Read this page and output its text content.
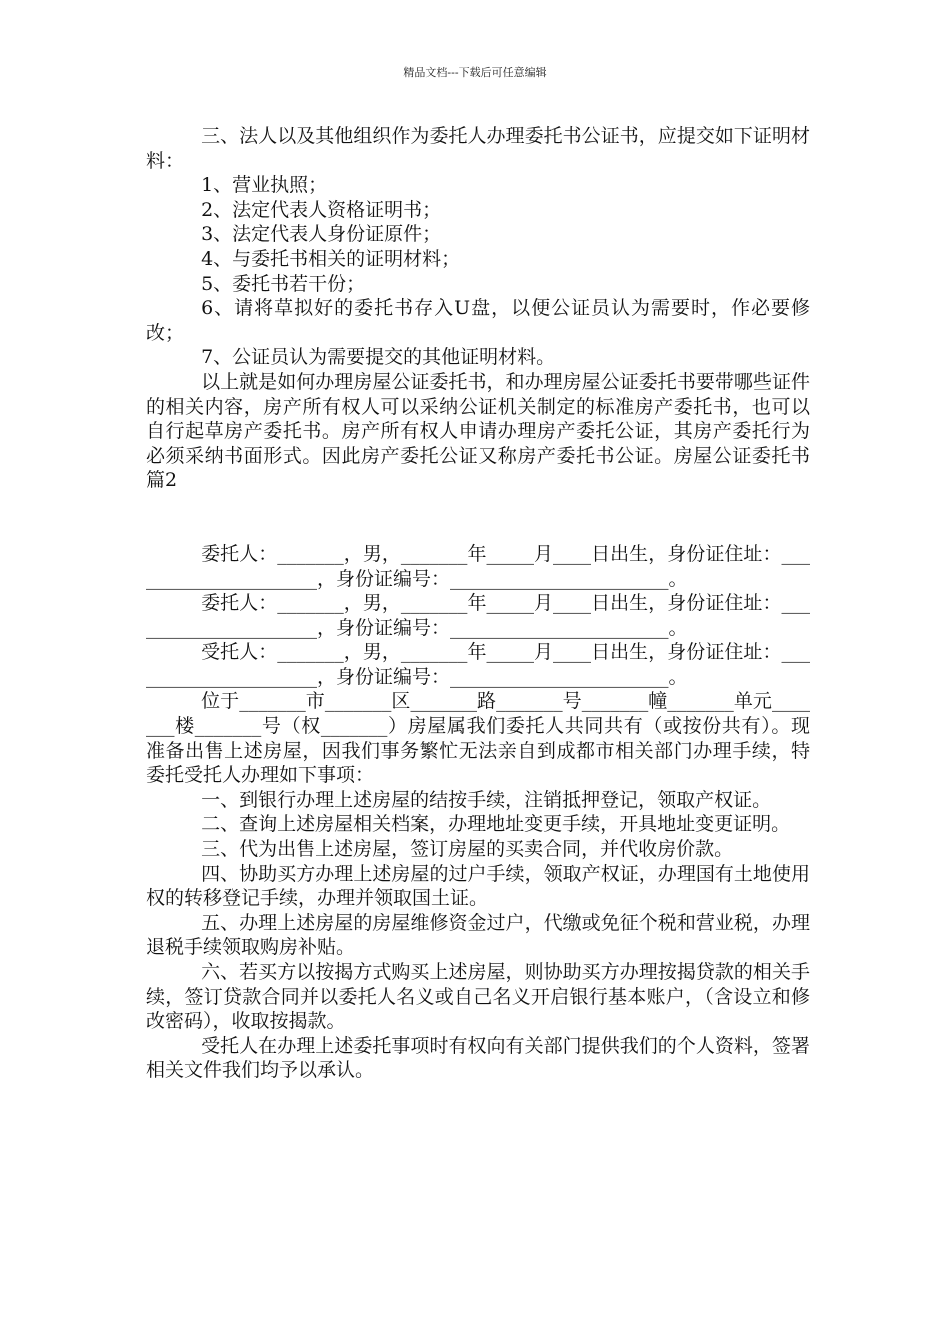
精品文档---下载后可任意编辑

三、法人以及其他组织作为委托人办理委托书公证书，应提交如下证明材料：

1、营业执照；

2、法定代表人资格证明书；

3、法定代表人身份证原件；

4、与委托书相关的证明材料；

5、委托书若干份；

6、请将草拟好的委托书存入U盘，以便公证员认为需要时，作必要修改；

7、公证员认为需要提交的其他证明材料。

以上就是如何办理房屋公证委托书，和办理房屋公证委托书要带哪些证件的相关内容，房产所有权人可以采纳公证机关制定的标准房产委托书，也可以自行起草房产委托书。房产所有权人申请办理房产委托公证，其房产委托行为必须采纳书面形式。因此房产委托公证又称房产委托书公证。房屋公证委托书 篇2

委托人：_______，男，_______年_____月____日出生，身份证住址：_____________________，身份证编号：_______________________。

委托人：_______，男，_______年_____月____日出生，身份证住址：_____________________，身份证编号：_______________________。

受托人：_______，男，_______年_____月____日出生，身份证住址：_____________________，身份证编号：_______________________。

位于_______市_______区_______路_______号_______幢_______单元_______楼_______号（权_______）房屋属我们委托人共同共有（或按份共有）。现准备出售上述房屋，因我们事务繁忙无法亲自到成都市相关部门办理手续，特委托受托人办理如下事项：

一、到银行办理上述房屋的结按手续，注销抵押登记，领取产权证。

二、查询上述房屋相关档案，办理地址变更手续，开具地址变更证明。

三、代为出售上述房屋，签订房屋的买卖合同，并代收房价款。

四、协助买方办理上述房屋的过户手续，领取产权证，办理国有土地使用权的转移登记手续，办理并领取国土证。

五、办理上述房屋的房屋维修资金过户，代缴或免征个税和营业税，办理退税手续领取购房补贴。

六、若买方以按揭方式购买上述房屋，则协助买方办理按揭贷款的相关手续，签订贷款合同并以委托人名义或自己名义开启银行基本账户，（含设立和修改密码），收取按揭款。

受托人在办理上述委托事项时有权向有关部门提供我们的个人资料，签署相关文件我们均予以承认。
